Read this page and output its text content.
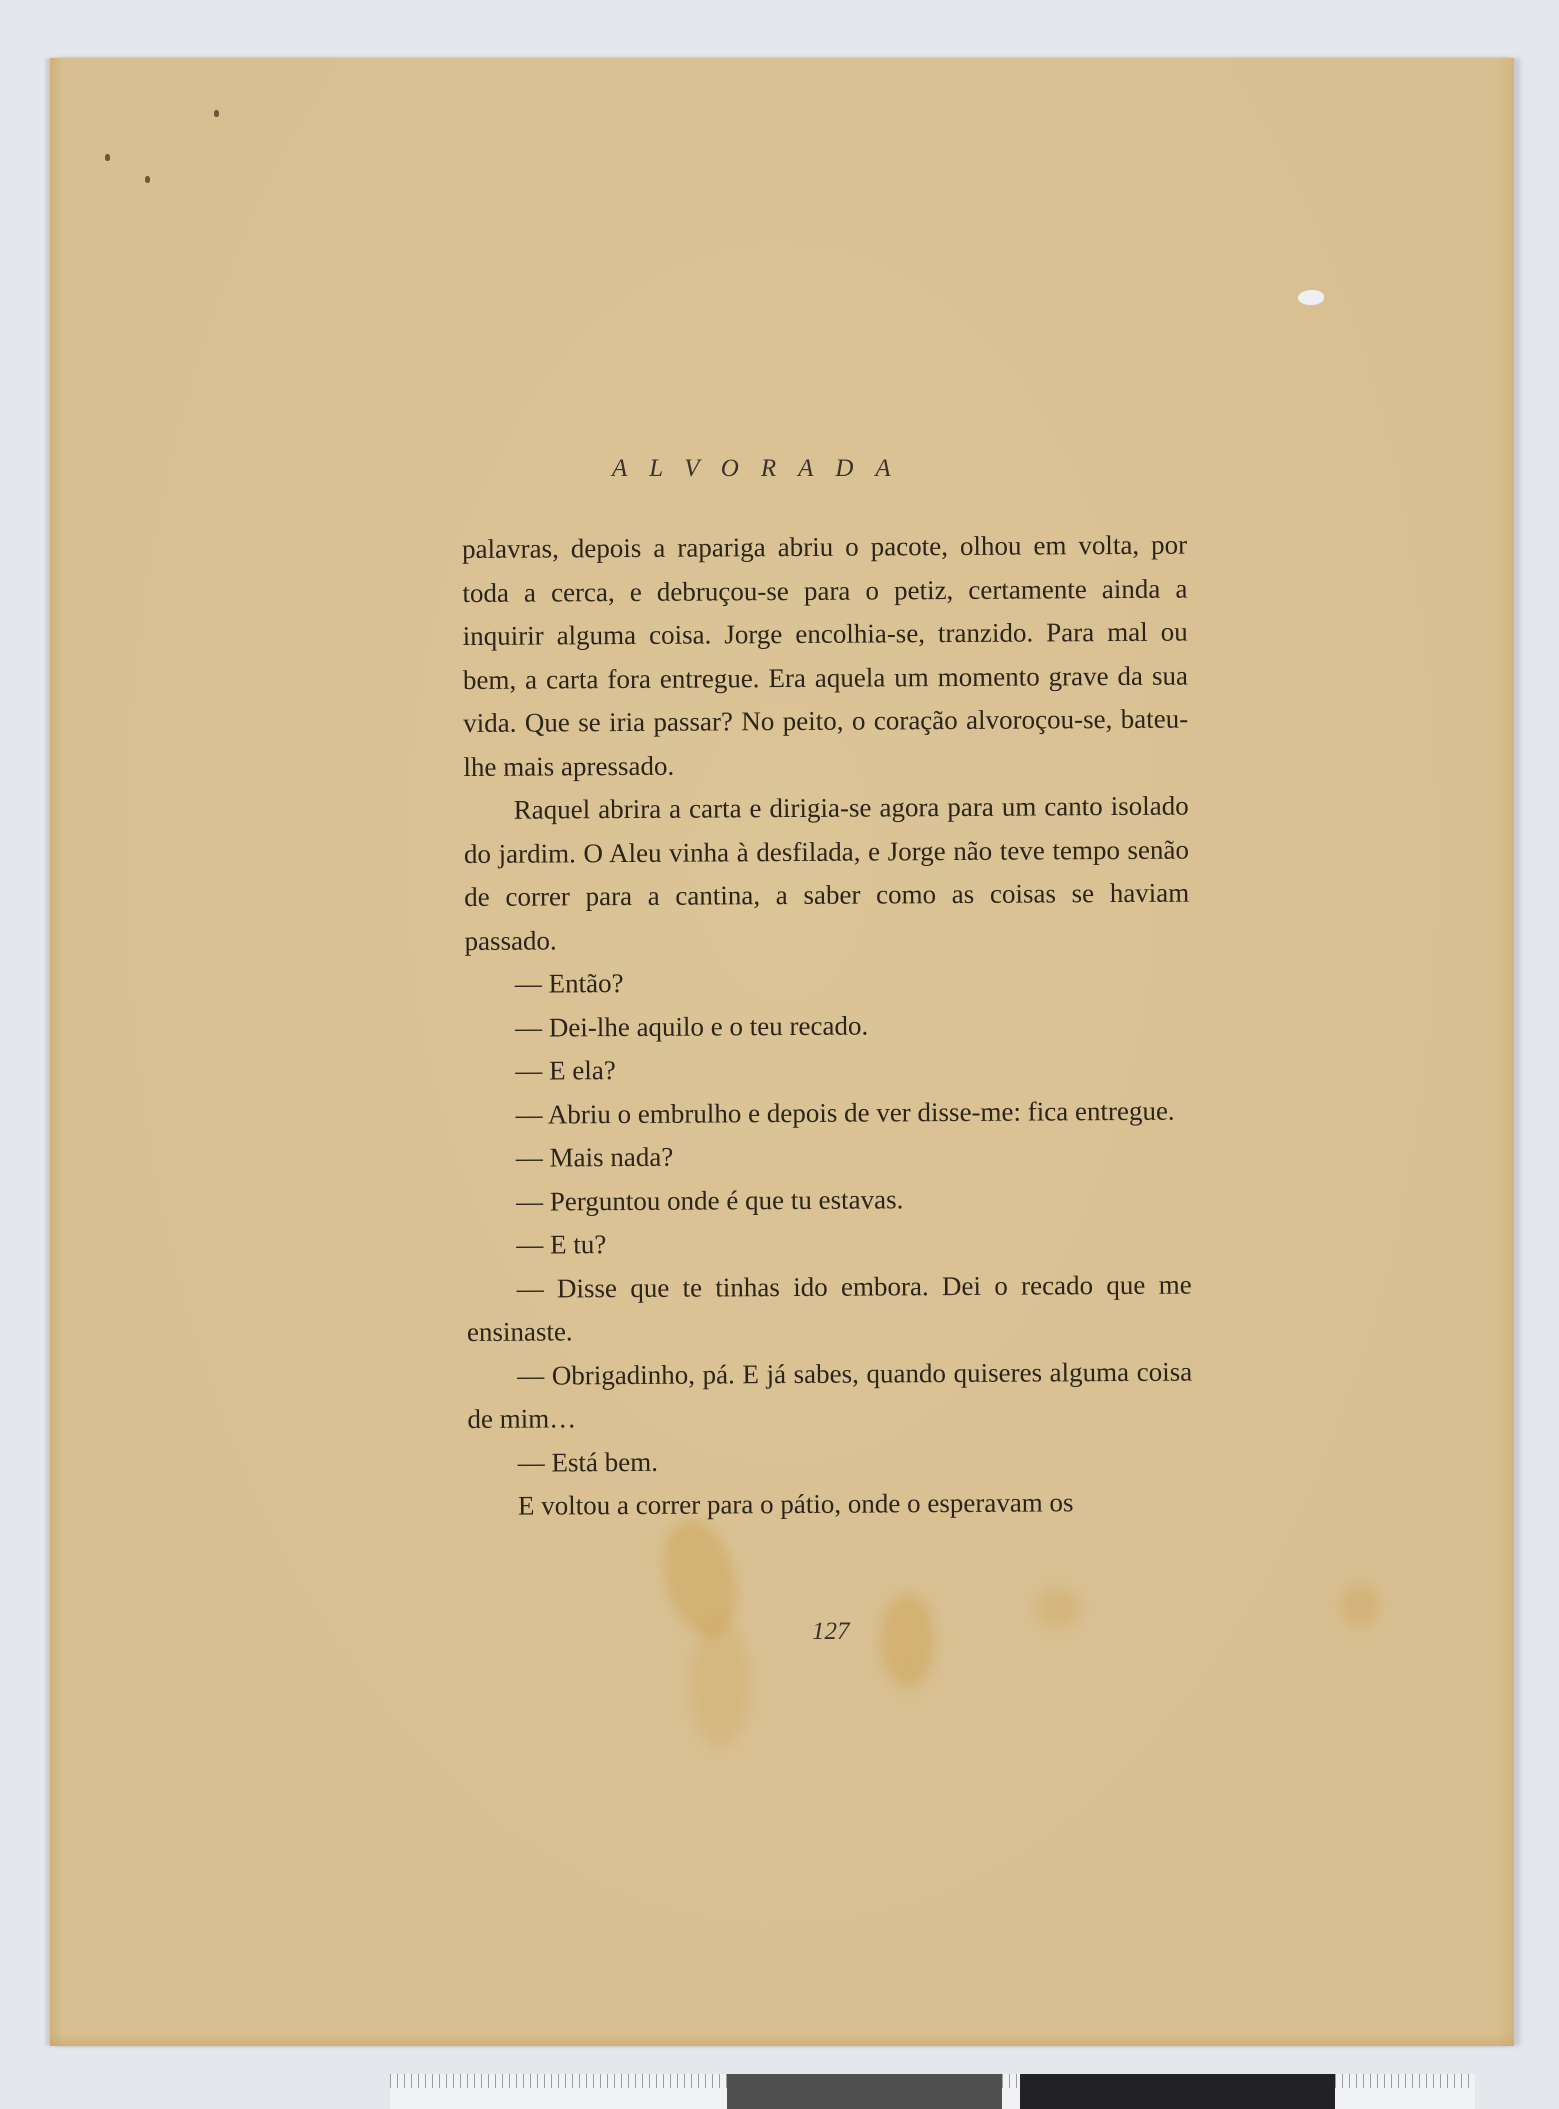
ALVORADA

palavras, depois a rapariga abriu o pacote, olhou em volta, por toda a cerca, e debruçou-se para o petiz, certamente ainda a inquirir alguma coisa. Jorge encolhia-se, tranzido. Para mal ou bem, a carta fora entregue. Era aquela um momento grave da sua vida. Que se iria passar? No peito, o coração alvoroçou-se, bateu-lhe mais apressado.

Raquel abrira a carta e dirigia-se agora para um canto isolado do jardim. O Aleu vinha à desfilada, e Jorge não teve tempo senão de correr para a cantina, a saber como as coisas se haviam passado.

— Então?

— Dei-lhe aquilo e o teu recado.

— E ela?

— Abriu o embrulho e depois de ver disse-me: fica entregue.

— Mais nada?

— Perguntou onde é que tu estavas.

— E tu?

— Disse que te tinhas ido embora. Dei o recado que me ensinaste.

— Obrigadinho, pá. E já sabes, quando quiseres alguma coisa de mim…

— Está bem.

E voltou a correr para o pátio, onde o esperavam os

127
